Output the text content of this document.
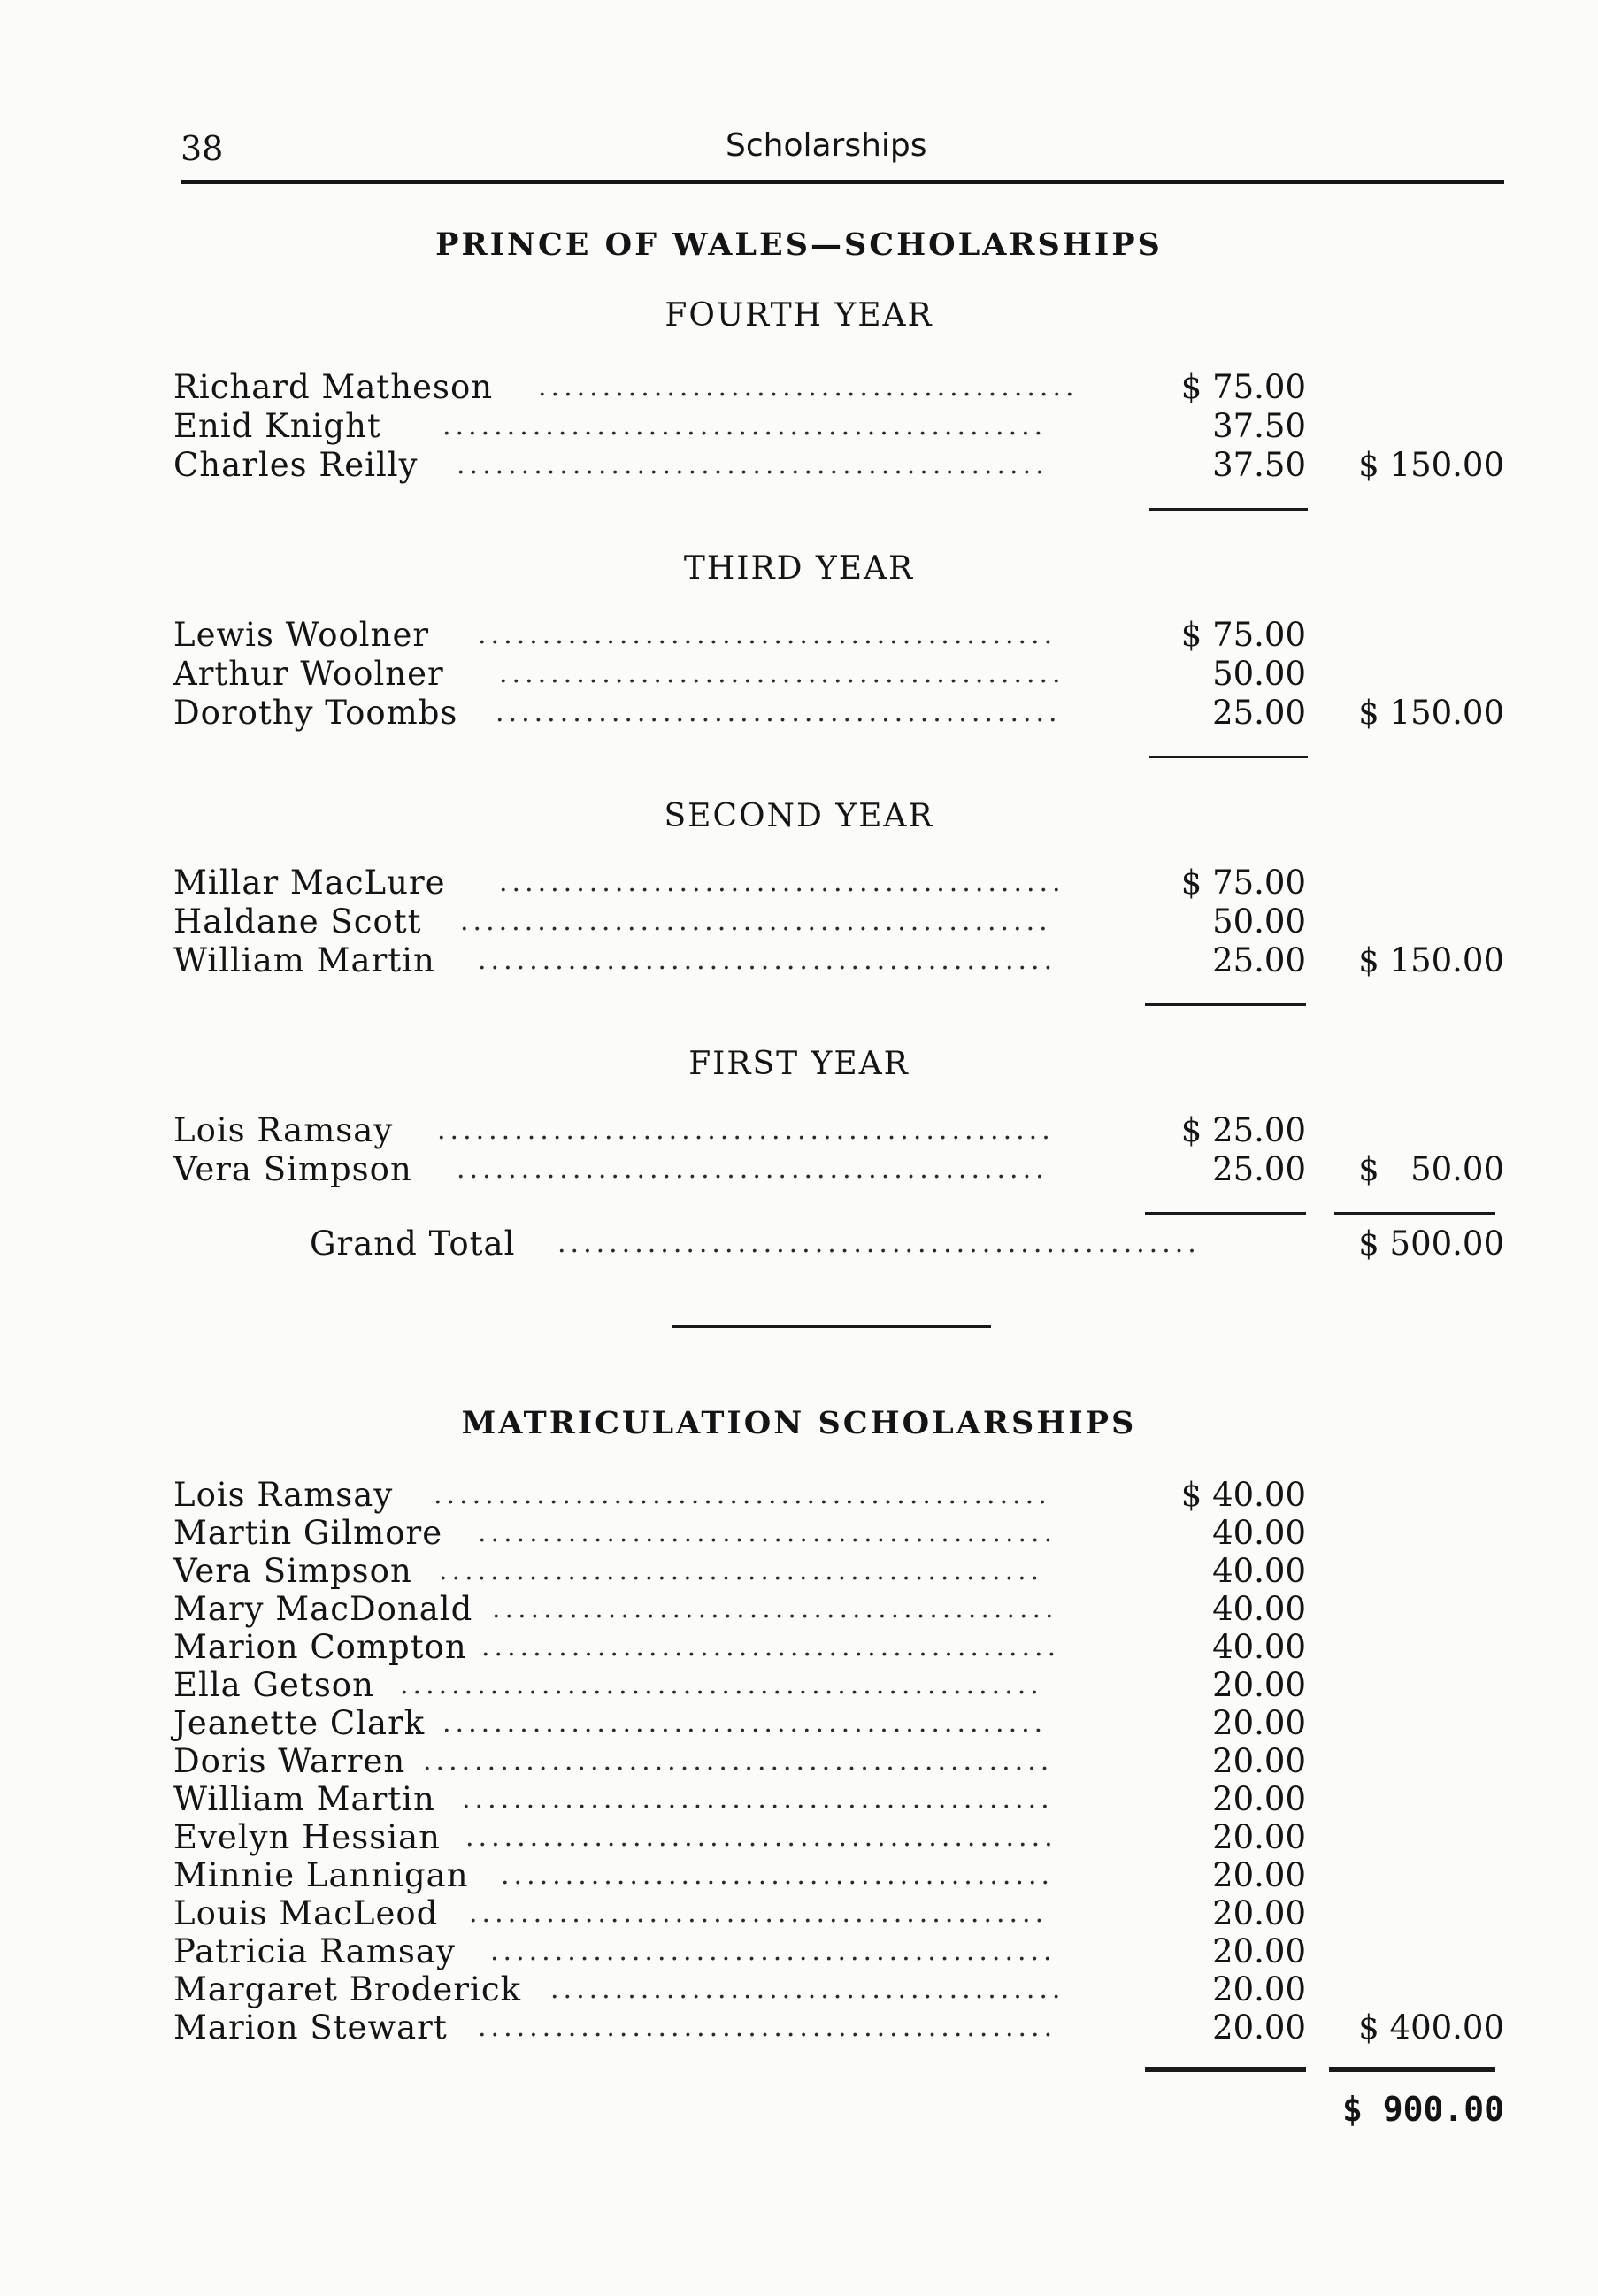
38	Scholarships
PRINCE OF WALES—SCHOLARSHIPS
FOURTH YEAR
Richard Matheson ..........................................	$ 75.00
Enid Knight ...............................................	37.50
Charles Reilly ..............................................	37.50 $ 150.00
THIRD YEAR
Lewis Woolner .............................................	$ 75.00
Arthur Woolner ............................................	50.00
Dorothy Toombs ............................................	25.00 $ 150.00
SECOND YEAR
Millar MacLure ............................................	$ 75.00
Haldane Scott ..............................................	50.00
William Martin .............................................	25.00 $ 150.00
FIRST YEAR
Lois Ramsay ................................................	$ 25.00
Vera Simpson ..............................................	25.00 $   50.00
Grand Total ..................................................	$ 500.00
MATRICULATION SCHOLARSHIPS
Lois Ramsay ................................................	$ 40.00
Martin Gilmore .............................................	40.00
Vera Simpson ...............................................	40.00
Mary MacDonald ............................................	40.00
Marion Compton .............................................	40.00
Ella Getson ..................................................	20.00
Jeanette Clark ...............................................	20.00
Doris Warren .................................................	20.00
William Martin ..............................................	20.00
Evelyn Hessian ..............................................	20.00
Minnie Lannigan ...........................................	20.00
Louis MacLeod .............................................	20.00
Patricia Ramsay ............................................	20.00
Margaret Broderick ........................................	20.00
Marion Stewart .............................................	20.00 $ 400.00
$ 900.00
